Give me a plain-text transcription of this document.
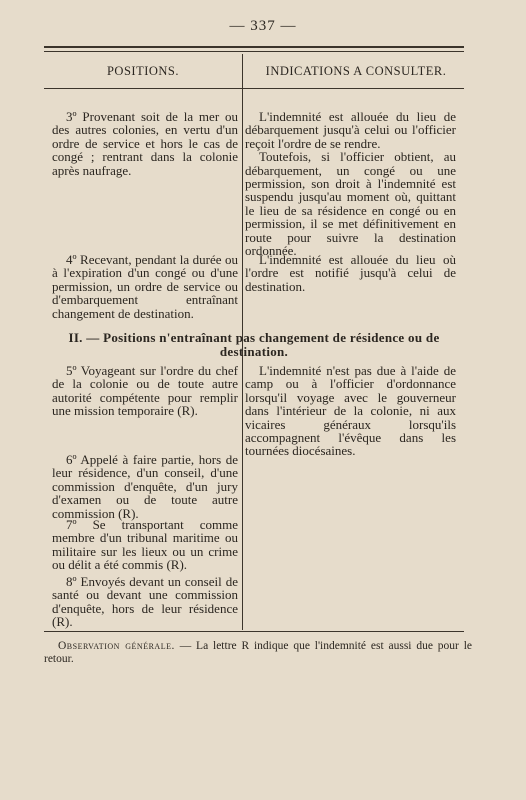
— 337 —
POSITIONS.	INDICATIONS A CONSULTER.

3º Provenant soit de la mer ou des autres colonies, en vertu d'un ordre de service et hors le cas de congé ; rentrant dans la colonie après naufrage.

L'indemnité est allouée du lieu de débarquement jusqu'à celui ou l'officier reçoit l'ordre de se rendre.

Toutefois, si l'officier obtient, au débarquement, un congé ou une permission, son droit à l'indemnité est suspendu jusqu'au moment où, quittant le lieu de sa résidence en congé ou en permission, il se met définitivement en route pour suivre la destination ordonnée.

4º Recevant, pendant la durée ou à l'expiration d'un congé ou d'une permission, un ordre de service ou d'embarquement entraînant changement de destination.

L'indemnité est allouée du lieu où l'ordre est notifié jusqu'à celui de destination.

II. — Positions n'entraînant pas changement de résidence ou de destination.

5º Voyageant sur l'ordre du chef de la colonie ou de toute autre autorité compétente pour remplir une mission temporaire (R).

L'indemnité n'est pas due à l'aide de camp ou à l'officier d'ordonnance lorsqu'il voyage avec le gouverneur dans l'intérieur de la colonie, ni aux vicaires généraux lorsqu'ils accompagnent l'évêque dans les tournées diocésaines.

6º Appelé à faire partie, hors de leur résidence, d'un conseil, d'une commission d'enquête, d'un jury d'examen ou de toute autre commission (R).

7º Se transportant comme membre d'un tribunal maritime ou militaire sur les lieux ou un crime ou délit a été commis (R).

8º Envoyés devant un conseil de santé ou devant une commission d'enquête, hors de leur résidence (R).

Observation générale. — La lettre R indique que l'indemnité est aussi due pour le retour.
